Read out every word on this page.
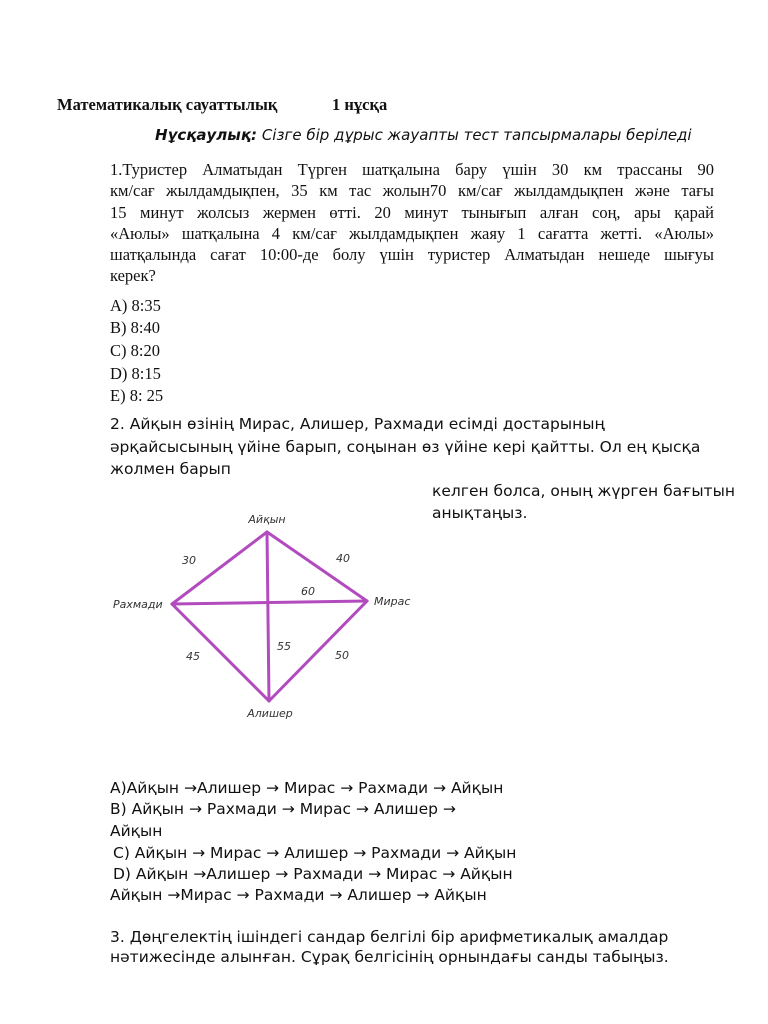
Математикалық сауаттылық	1 нұсқа
Нұсқаулық: Сізге бір дұрыс жауапты тест тапсырмалары беріледі
1.Туристер Алматыдан Түрген шатқалына бару үшін 30 км трассаны 90
км/сағ жылдамдықпен, 35 км тас жолын70 км/сағ жылдамдықпен және тағы
15 минут жолсыз жермен өтті. 20 минут тынығып алған соң, ары қарай
«Аюлы» шатқалына 4 км/сағ жылдамдықпен жаяу 1 сағатта жетті. «Аюлы»
шатқалында сағат 10:00-де болу үшін туристер Алматыдан нешеде шығуы
керек?
А) 8:35
В) 8:40
С) 8:20
D) 8:15
Е) 8: 25
2. Айқын өзінің Мирас, Алишер, Рахмади есімді достарының
әрқайсысының үйіне барып, соңынан өз үйіне кері қайтты. Ол ең қысқа
жолмен барып
келген болса, оның жүрген бағытын
анықтаңыз.
Айқын
Рахмади	Мирас
Алишер
30	40
60
55
45	50
А)Айқын →Алишер → Мирас → Рахмади → Айқын
В) Айқын → Рахмади → Мирас → Алишер →
Айқын
С) Айқын → Мирас → Алишер → Рахмади → Айқын
D) Айқын →Алишер → Рахмади → Мирас → Айқын
Айқын →Мирас → Рахмади → Алишер → Айқын
3. Дөңгелектің ішіндегі сандар белгілі бір арифметикалық амалдар
нәтижесінде алынған. Сұрақ белгісінің орнындағы санды табыңыз.
